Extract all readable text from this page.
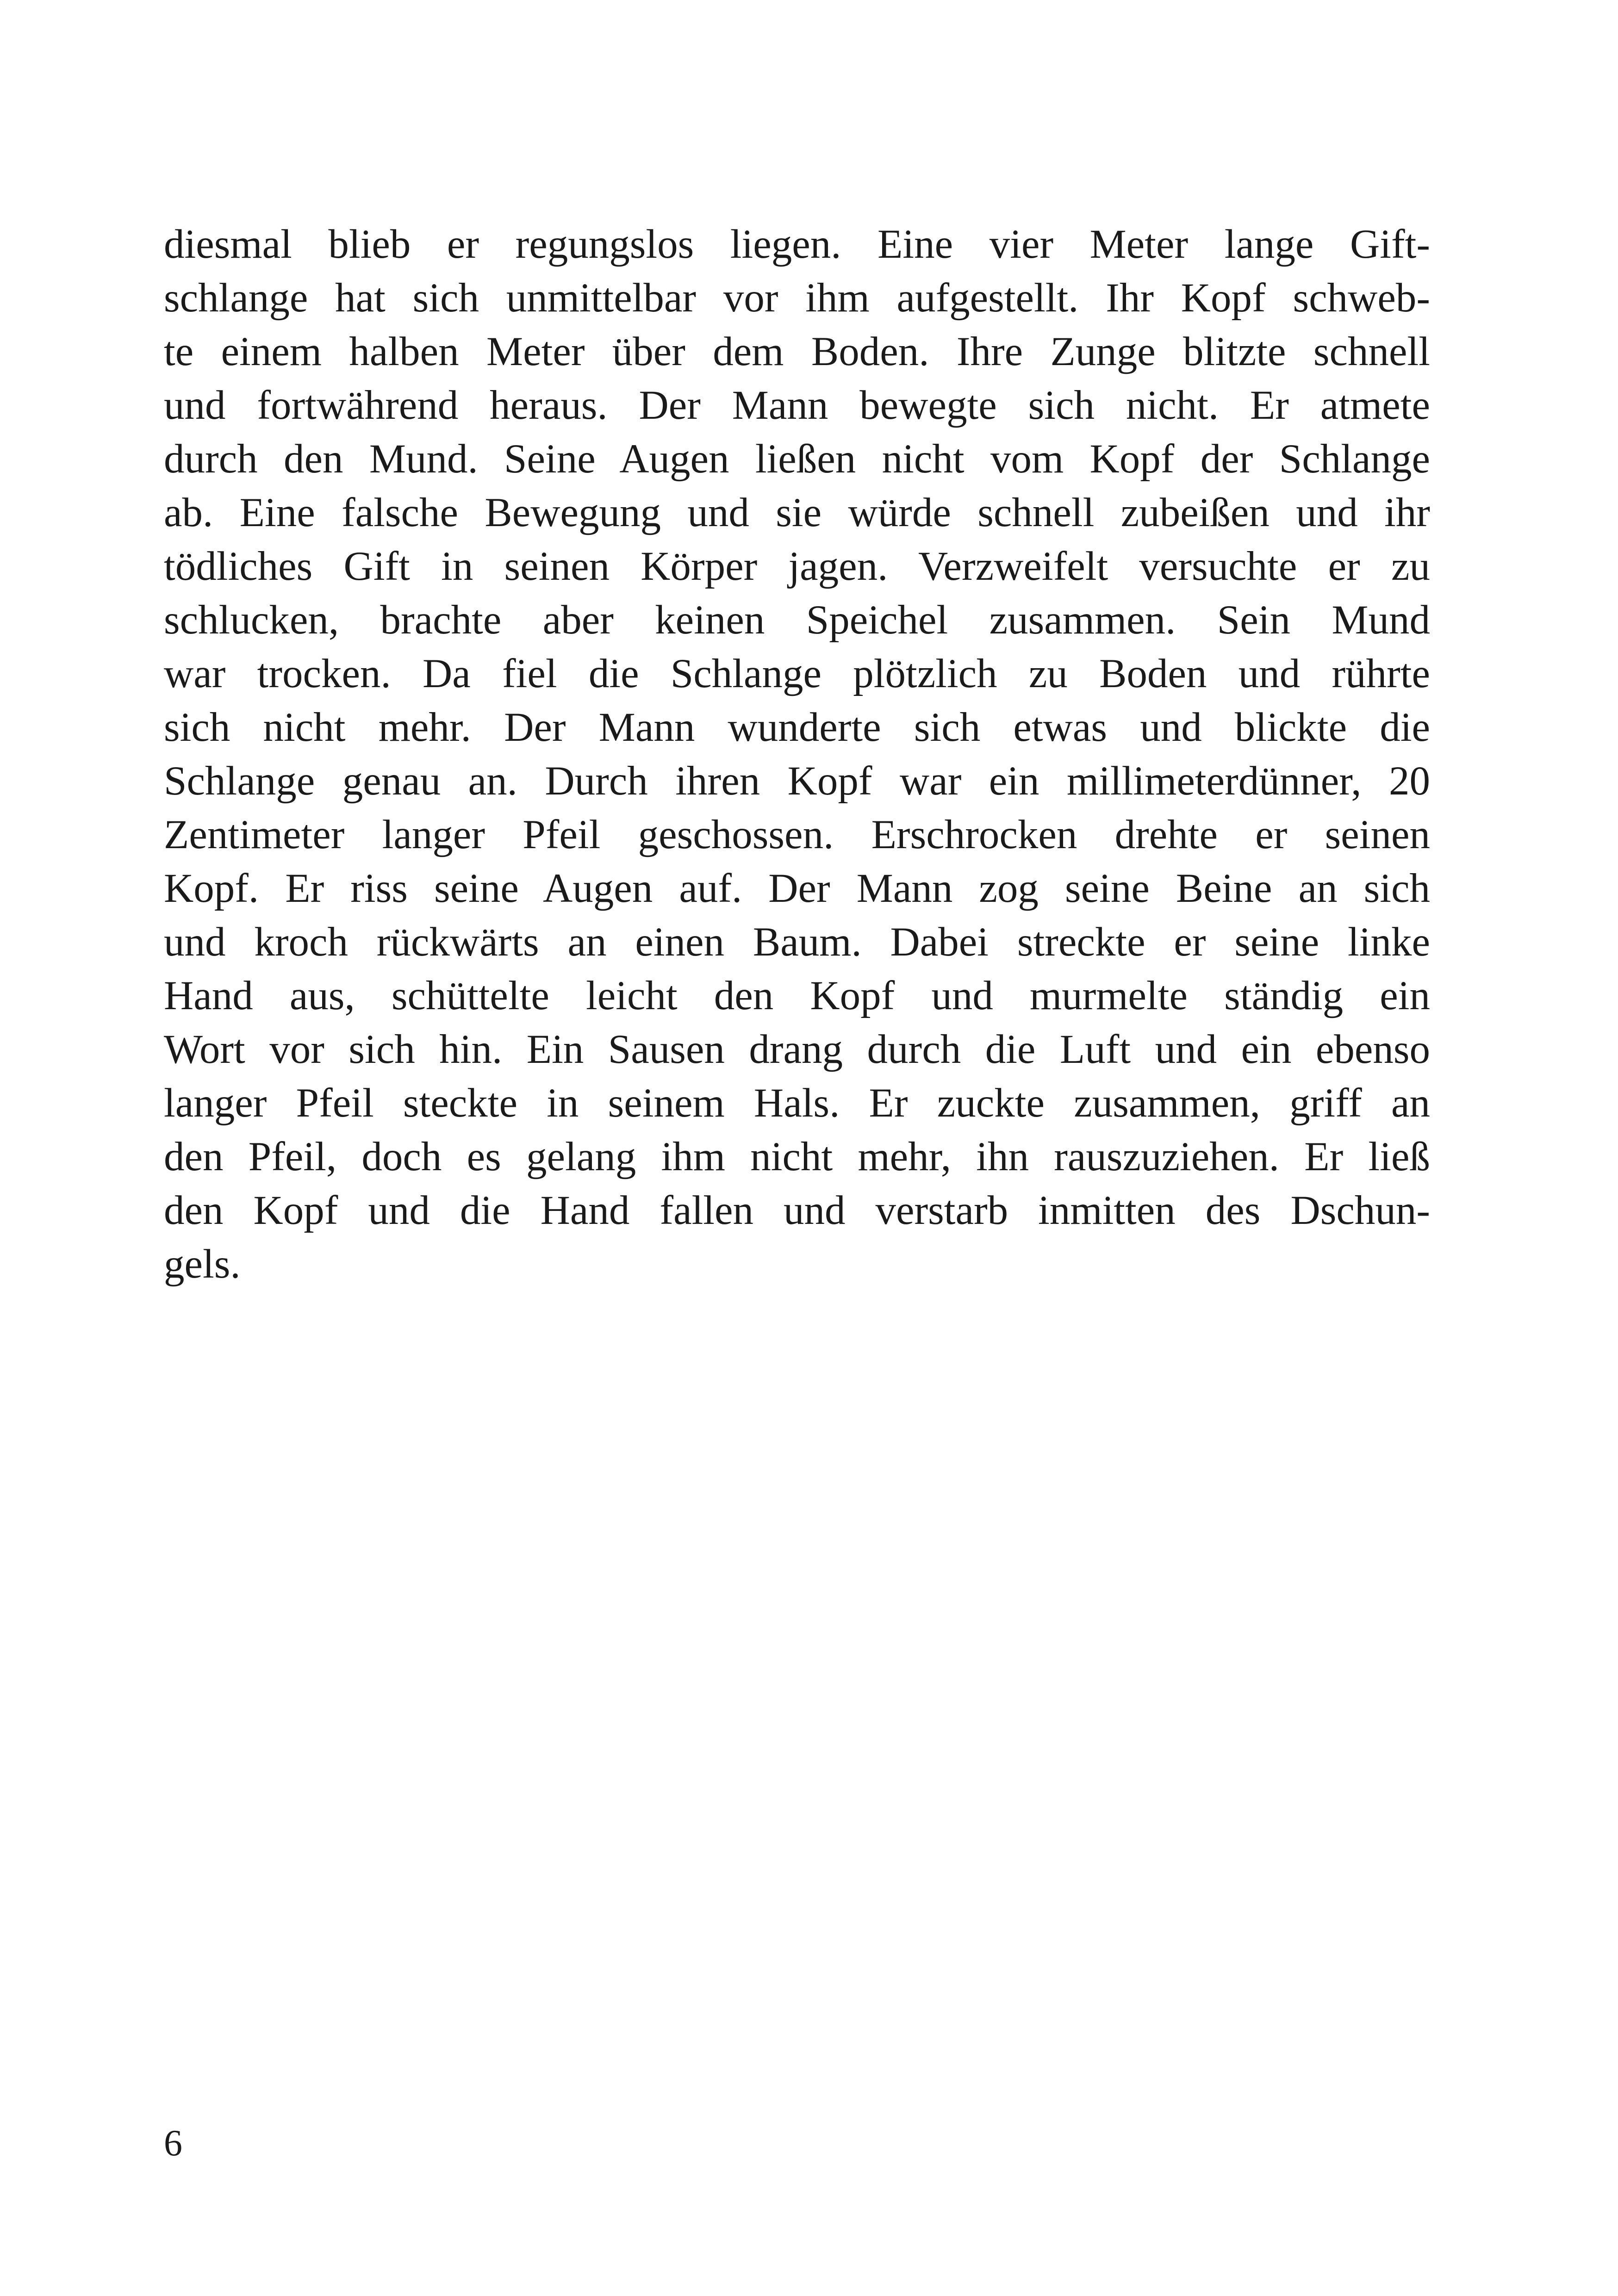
diesmal blieb er regungslos liegen. Eine vier Meter lange Gift-
schlange hat sich unmittelbar vor ihm aufgestellt. Ihr Kopf schweb-
te einem halben Meter über dem Boden. Ihre Zunge blitzte schnell
und fortwährend heraus. Der Mann bewegte sich nicht. Er atmete
durch den Mund. Seine Augen ließen nicht vom Kopf der Schlange
ab. Eine falsche Bewegung und sie würde schnell zubeißen und ihr
tödliches Gift in seinen Körper jagen. Verzweifelt versuchte er zu
schlucken, brachte aber keinen Speichel zusammen. Sein Mund
war trocken. Da fiel die Schlange plötzlich zu Boden und rührte
sich nicht mehr. Der Mann wunderte sich etwas und blickte die
Schlange genau an. Durch ihren Kopf war ein millimeterdünner, 20
Zentimeter langer Pfeil geschossen. Erschrocken drehte er seinen
Kopf. Er riss seine Augen auf. Der Mann zog seine Beine an sich
und kroch rückwärts an einen Baum. Dabei streckte er seine linke
Hand aus, schüttelte leicht den Kopf und murmelte ständig ein
Wort vor sich hin. Ein Sausen drang durch die Luft und ein ebenso
langer Pfeil steckte in seinem Hals. Er zuckte zusammen, griff an
den Pfeil, doch es gelang ihm nicht mehr, ihn rauszuziehen. Er ließ
den Kopf und die Hand fallen und verstarb inmitten des Dschun-
gels.

6
